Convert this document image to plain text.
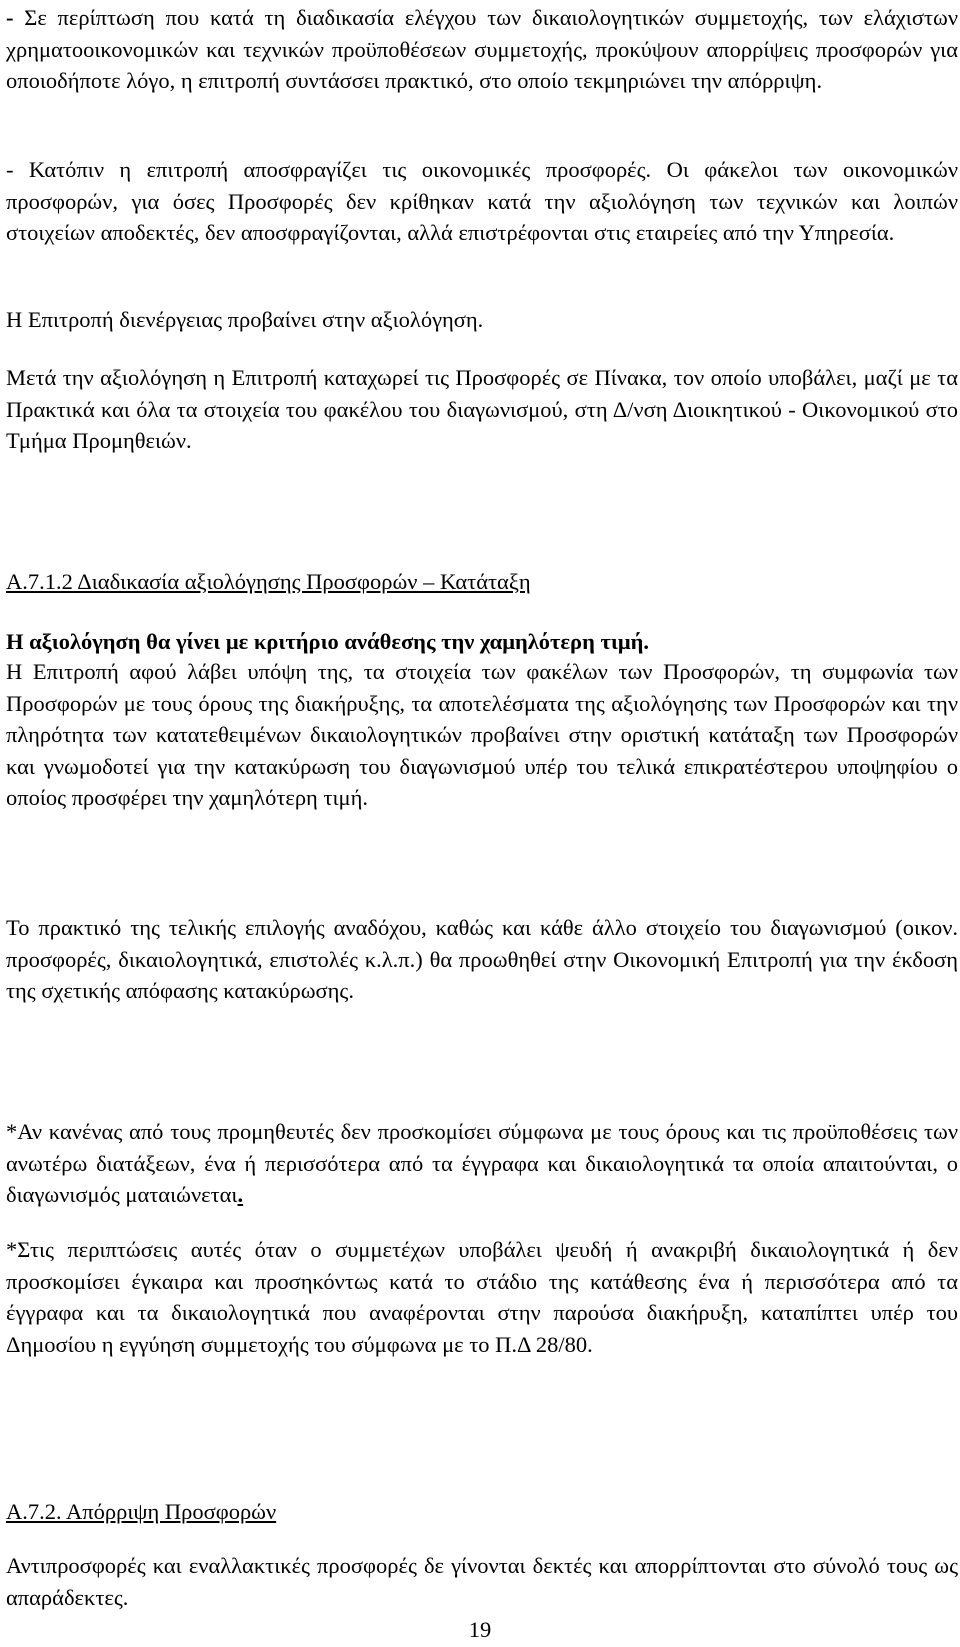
- Σε περίπτωση που κατά τη διαδικασία ελέγχου των δικαιολογητικών συμμετοχής, των ελάχιστων χρηματοοικονομικών και τεχνικών προϋποθέσεων συμμετοχής, προκύψουν απορρίψεις προσφορών για οποιοδήποτε λόγο, η επιτροπή συντάσσει πρακτικό, στο οποίο τεκμηριώνει την απόρριψη.

- Κατόπιν η επιτροπή αποσφραγίζει τις οικονομικές προσφορές. Οι φάκελοι των οικονομικών προσφορών, για όσες Προσφορές δεν κρίθηκαν κατά την αξιολόγηση των τεχνικών και λοιπών στοιχείων αποδεκτές, δεν αποσφραγίζονται, αλλά επιστρέφονται στις εταιρείες από την Υπηρεσία.

Η Επιτροπή διενέργειας προβαίνει στην αξιολόγηση.

Μετά την αξιολόγηση η Επιτροπή καταχωρεί τις Προσφορές σε Πίνακα, τον οποίο υποβάλει, μαζί με τα Πρακτικά και όλα τα στοιχεία του φακέλου του διαγωνισμού, στη Δ/νση Διοικητικού - Οικονομικού στο Τμήμα Προμηθειών.

Α.7.1.2 Διαδικασία αξιολόγησης Προσφορών – Κατάταξη

Η αξιολόγηση θα γίνει με κριτήριο ανάθεσης την χαμηλότερη τιμή.

Η Επιτροπή αφού λάβει υπόψη της, τα στοιχεία των φακέλων των Προσφορών, τη συμφωνία των Προσφορών με τους όρους της διακήρυξης, τα αποτελέσματα της αξιολόγησης των Προσφορών και την πληρότητα των κατατεθειμένων δικαιολογητικών προβαίνει στην οριστική κατάταξη των Προσφορών και γνωμοδοτεί για την κατακύρωση του διαγωνισμού υπέρ του τελικά επικρατέστερου υποψηφίου ο οποίος προσφέρει την χαμηλότερη τιμή.

Το πρακτικό της τελικής επιλογής αναδόχου, καθώς και κάθε άλλο στοιχείο του διαγωνισμού (οικον. προσφορές, δικαιολογητικά, επιστολές κ.λ.π.) θα προωθηθεί στην Οικονομική Επιτροπή για την έκδοση της σχετικής απόφασης κατακύρωσης.

*Αν κανένας από τους προμηθευτές δεν προσκομίσει σύμφωνα με τους όρους και τις προϋποθέσεις των ανωτέρω διατάξεων, ένα ή περισσότερα από τα έγγραφα και δικαιολογητικά τα οποία απαιτούνται, ο διαγωνισμός ματαιώνεται.

*Στις περιπτώσεις αυτές όταν ο συμμετέχων υποβάλει ψευδή ή ανακριβή δικαιολογητικά ή δεν προσκομίσει έγκαιρα και προσηκόντως κατά το στάδιο της κατάθεσης ένα ή περισσότερα από τα έγγραφα και τα δικαιολογητικά που αναφέρονται στην παρούσα διακήρυξη, καταπίπτει υπέρ του Δημοσίου η εγγύηση συμμετοχής του σύμφωνα με το Π.Δ 28/80.

Α.7.2. Απόρριψη Προσφορών

Αντιπροσφορές και εναλλακτικές προσφορές δε γίνονται δεκτές και απορρίπτονται στο σύνολό τους ως απαράδεκτες.

19
